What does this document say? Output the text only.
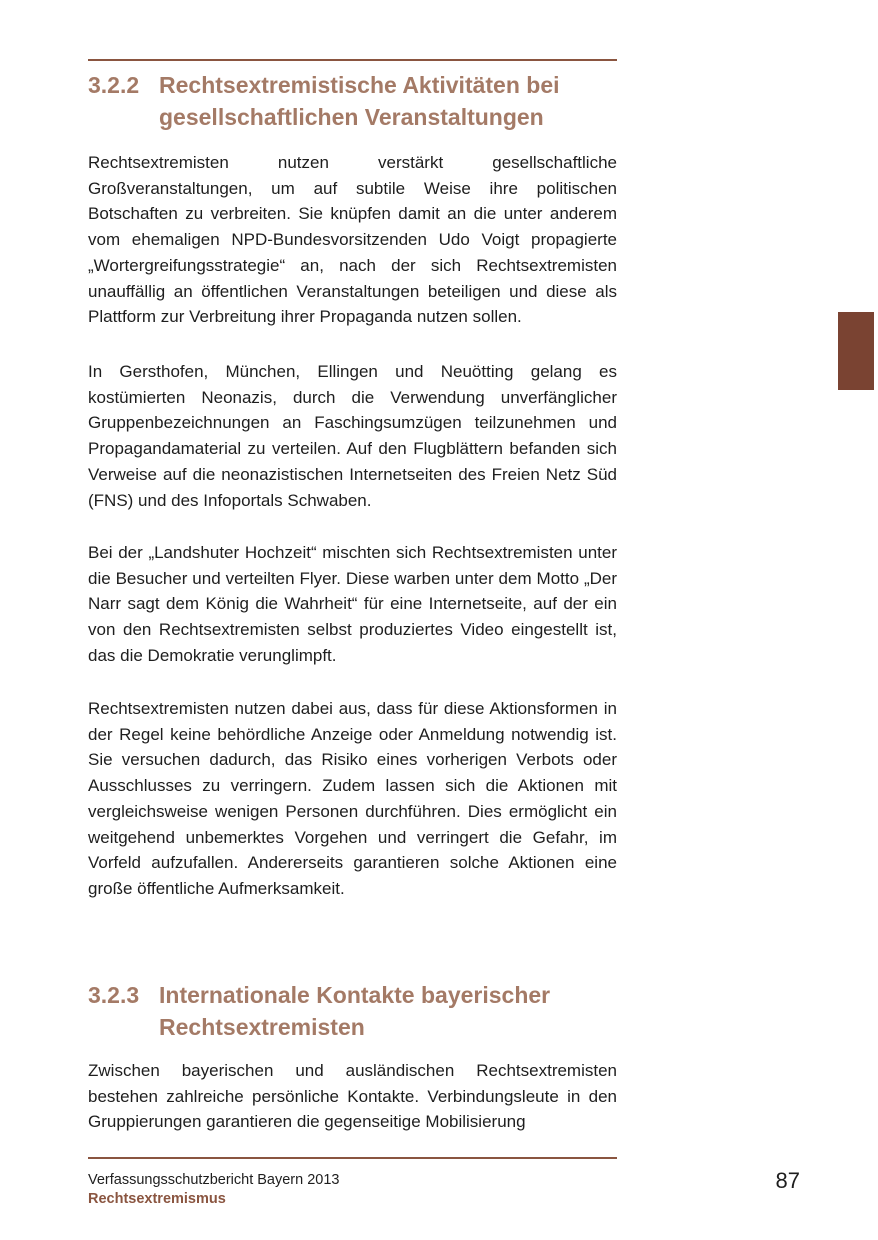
3.2.2 Rechtsextremistische Aktivitäten bei gesellschaftlichen Veranstaltungen

Rechtsextremisten nutzen verstärkt gesellschaftliche Großveranstaltungen, um auf subtile Weise ihre politischen Botschaften zu verbreiten. Sie knüpfen damit an die unter anderem vom ehemaligen NPD-Bundesvorsitzenden Udo Voigt propagierte „Wortergreifungsstrategie“ an, nach der sich Rechtsextremisten unauffällig an öffentlichen Veranstaltungen beteiligen und diese als Plattform zur Verbreitung ihrer Propaganda nutzen sollen.

In Gersthofen, München, Ellingen und Neuötting gelang es kostümierten Neonazis, durch die Verwendung unverfänglicher Gruppenbezeichnungen an Faschingsumzügen teilzunehmen und Propagandamaterial zu verteilen. Auf den Flugblättern befanden sich Verweise auf die neonazistischen Internetseiten des Freien Netz Süd (FNS) und des Infoportals Schwaben.

Bei der „Landshuter Hochzeit“ mischten sich Rechtsextremisten unter die Besucher und verteilten Flyer. Diese warben unter dem Motto „Der Narr sagt dem König die Wahrheit“ für eine Internetseite, auf der ein von den Rechtsextremisten selbst produziertes Video eingestellt ist, das die Demokratie verunglimpft.

Rechtsextremisten nutzen dabei aus, dass für diese Aktionsformen in der Regel keine behördliche Anzeige oder Anmeldung notwendig ist. Sie versuchen dadurch, das Risiko eines vorherigen Verbots oder Ausschlusses zu verringern. Zudem lassen sich die Aktionen mit vergleichsweise wenigen Personen durchführen. Dies ermöglicht ein weitgehend unbemerktes Vorgehen und verringert die Gefahr, im Vorfeld aufzufallen. Andererseits garantieren solche Aktionen eine große öffentliche Aufmerksamkeit.

3.2.3 Internationale Kontakte bayerischer Rechtsextremisten

Zwischen bayerischen und ausländischen Rechtsextremisten bestehen zahlreiche persönliche Kontakte. Verbindungsleute in den Gruppierungen garantieren die gegenseitige Mobilisierung

Verfassungsschutzbericht Bayern 2013
Rechtsextremismus
87
